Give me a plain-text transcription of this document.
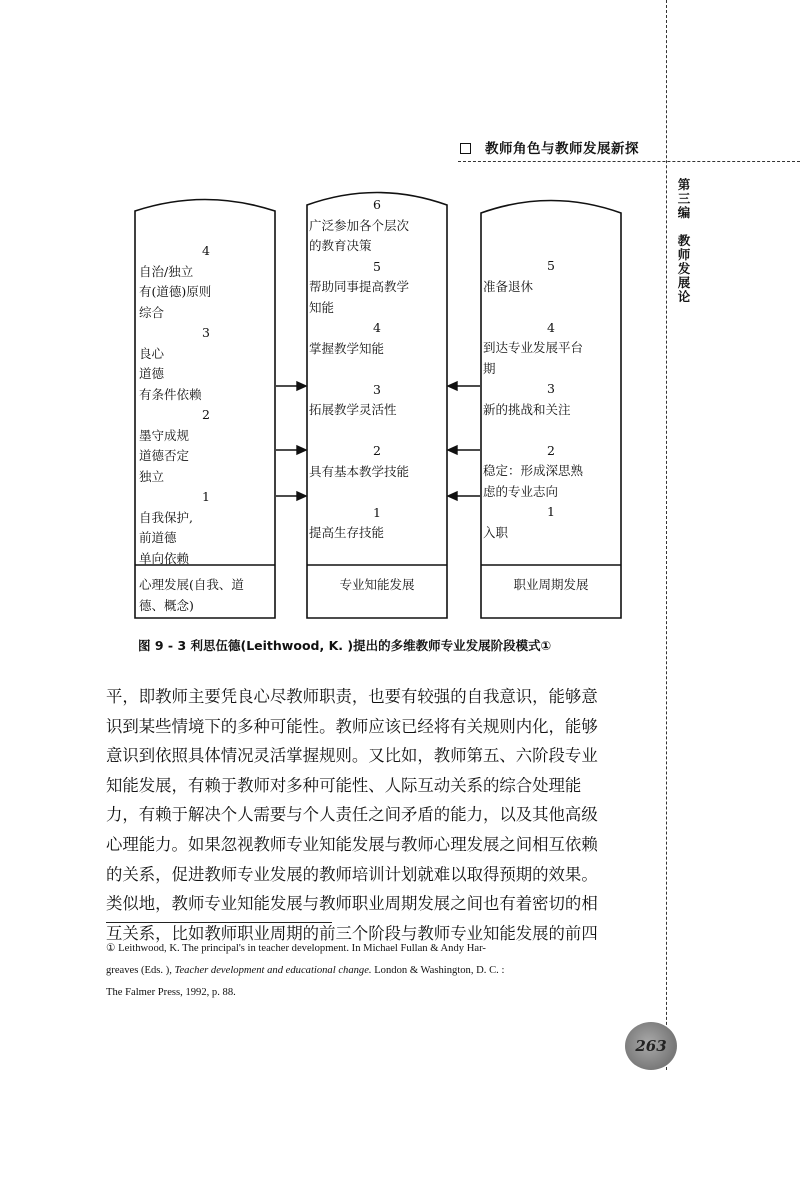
教师角色与教师发展新探
第
三
编

教
师
发
展
论
4
自治/独立
有(道德)原则
综合
3
良心
道德
有条件依赖
2
墨守成规
道德否定
独立
1
自我保护,
前道德
单向依赖
6
广泛参加各个层次
的教育决策
5
帮助同事提高教学
知能
4
掌握教学知能

3
拓展教学灵活性

2
具有基本教学技能

1
提高生存技能
5
准备退休

4
到达专业发展平台
期
3
新的挑战和关注

2
稳定：形成深思熟
虑的专业志向
1
入职
心理发展(自我、道
德、概念)
专业知能发展	职业周期发展
图 9 - 3 利思伍德(Leithwood, K. )提出的多维教师专业发展阶段模式①
平，即教师主要凭良心尽教师职责，也要有较强的自我意识，能够意
识到某些情境下的多种可能性。教师应该已经将有关规则内化，能够
意识到依照具体情况灵活掌握规则。又比如，教师第五、六阶段专业
知能发展，有赖于教师对多种可能性、人际互动关系的综合处理能
力，有赖于解决个人需要与个人责任之间矛盾的能力，以及其他高级
心理能力。如果忽视教师专业知能发展与教师心理发展之间相互依赖
的关系，促进教师专业发展的教师培训计划就难以取得预期的效果。
类似地，教师专业知能发展与教师职业周期发展之间也有着密切的相
互关系，比如教师职业周期的前三个阶段与教师专业知能发展的前四
① Leithwood, K. The principal's in teacher development. In Michael Fullan & Andy Har-
greaves (Eds. ), Teacher development and educational change. London & Washington, D. C. :
The Falmer Press, 1992, p. 88.
263
